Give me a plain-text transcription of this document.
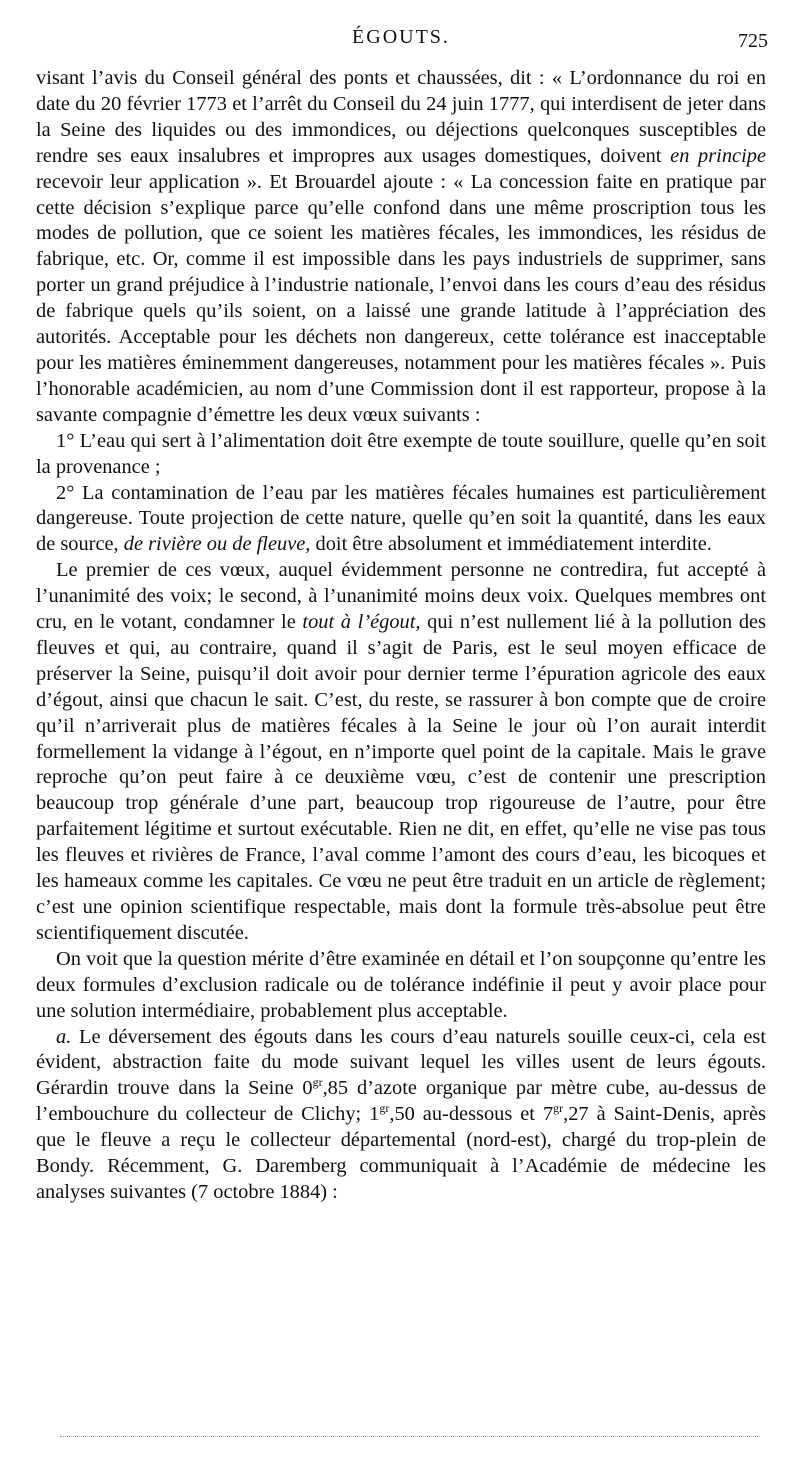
ÉGOUTS.	725

visant l’avis du Conseil général des ponts et chaussées, dit : « L’ordonnance du roi en date du 20 février 1773 et l’arrêt du Conseil du 24 juin 1777, qui interdisent de jeter dans la Seine des liquides ou des immondices, ou déjections quelconques susceptibles de rendre ses eaux insalubres et impropres aux usages domestiques, doivent en principe recevoir leur application ». Et Brouardel ajoute : « La concession faite en pratique par cette décision s’explique parce qu’elle confond dans une même proscription tous les modes de pollution, que ce soient les matières fécales, les immondices, les résidus de fabrique, etc. Or, comme il est impossible dans les pays industriels de supprimer, sans porter un grand préjudice à l’industrie nationale, l’envoi dans les cours d’eau des résidus de fabrique quels qu’ils soient, on a laissé une grande latitude à l’appréciation des autorités. Acceptable pour les déchets non dangereux, cette tolérance est inacceptable pour les matières éminemment dangereuses, notamment pour les matières fécales ». Puis l’honorable académicien, au nom d’une Commission dont il est rapporteur, propose à la savante compagnie d’émettre les deux vœux suivants :

1° L’eau qui sert à l’alimentation doit être exempte de toute souillure, quelle qu’en soit la provenance ;

2° La contamination de l’eau par les matières fécales humaines est particulièrement dangereuse. Toute projection de cette nature, quelle qu’en soit la quantité, dans les eaux de source, de rivière ou de fleuve, doit être absolument et immédiatement interdite.

Le premier de ces vœux, auquel évidemment personne ne contredira, fut accepté à l’unanimité des voix; le second, à l’unanimité moins deux voix. Quelques membres ont cru, en le votant, condamner le tout à l’égout, qui n’est nullement lié à la pollution des fleuves et qui, au contraire, quand il s’agit de Paris, est le seul moyen efficace de préserver la Seine, puisqu’il doit avoir pour dernier terme l’épuration agricole des eaux d’égout, ainsi que chacun le sait. C’est, du reste, se rassurer à bon compte que de croire qu’il n’arriverait plus de matières fécales à la Seine le jour où l’on aurait interdit formellement la vidange à l’égout, en n’importe quel point de la capitale. Mais le grave reproche qu’on peut faire à ce deuxième vœu, c’est de contenir une prescription beaucoup trop générale d’une part, beaucoup trop rigoureuse de l’autre, pour être parfaitement légitime et surtout exécutable. Rien ne dit, en effet, qu’elle ne vise pas tous les fleuves et rivières de France, l’aval comme l’amont des cours d’eau, les bicoques et les hameaux comme les capitales. Ce vœu ne peut être traduit en un article de règlement; c’est une opinion scientifique respectable, mais dont la formule très-absolue peut être scientifiquement discutée.

On voit que la question mérite d’être examinée en détail et l’on soupçonne qu’entre les deux formules d’exclusion radicale ou de tolérance indéfinie il peut y avoir place pour une solution intermédiaire, probablement plus acceptable.

a. Le déversement des égouts dans les cours d’eau naturels souille ceux-ci, cela est évident, abstraction faite du mode suivant lequel les villes usent de leurs égouts. Gérardin trouve dans la Seine $0^{gr},85$ d’azote organique par mètre cube, au-dessus de l’embouchure du collecteur de Clichy; $1^{gr},50$ au-dessous et $7^{gr},27$ à Saint-Denis, après que le fleuve a reçu le collecteur départemental (nord-est), chargé du trop-plein de Bondy. Récemment, G. Daremberg communiquait à l’Académie de médecine les analyses suivantes (7 octobre 1884) :
